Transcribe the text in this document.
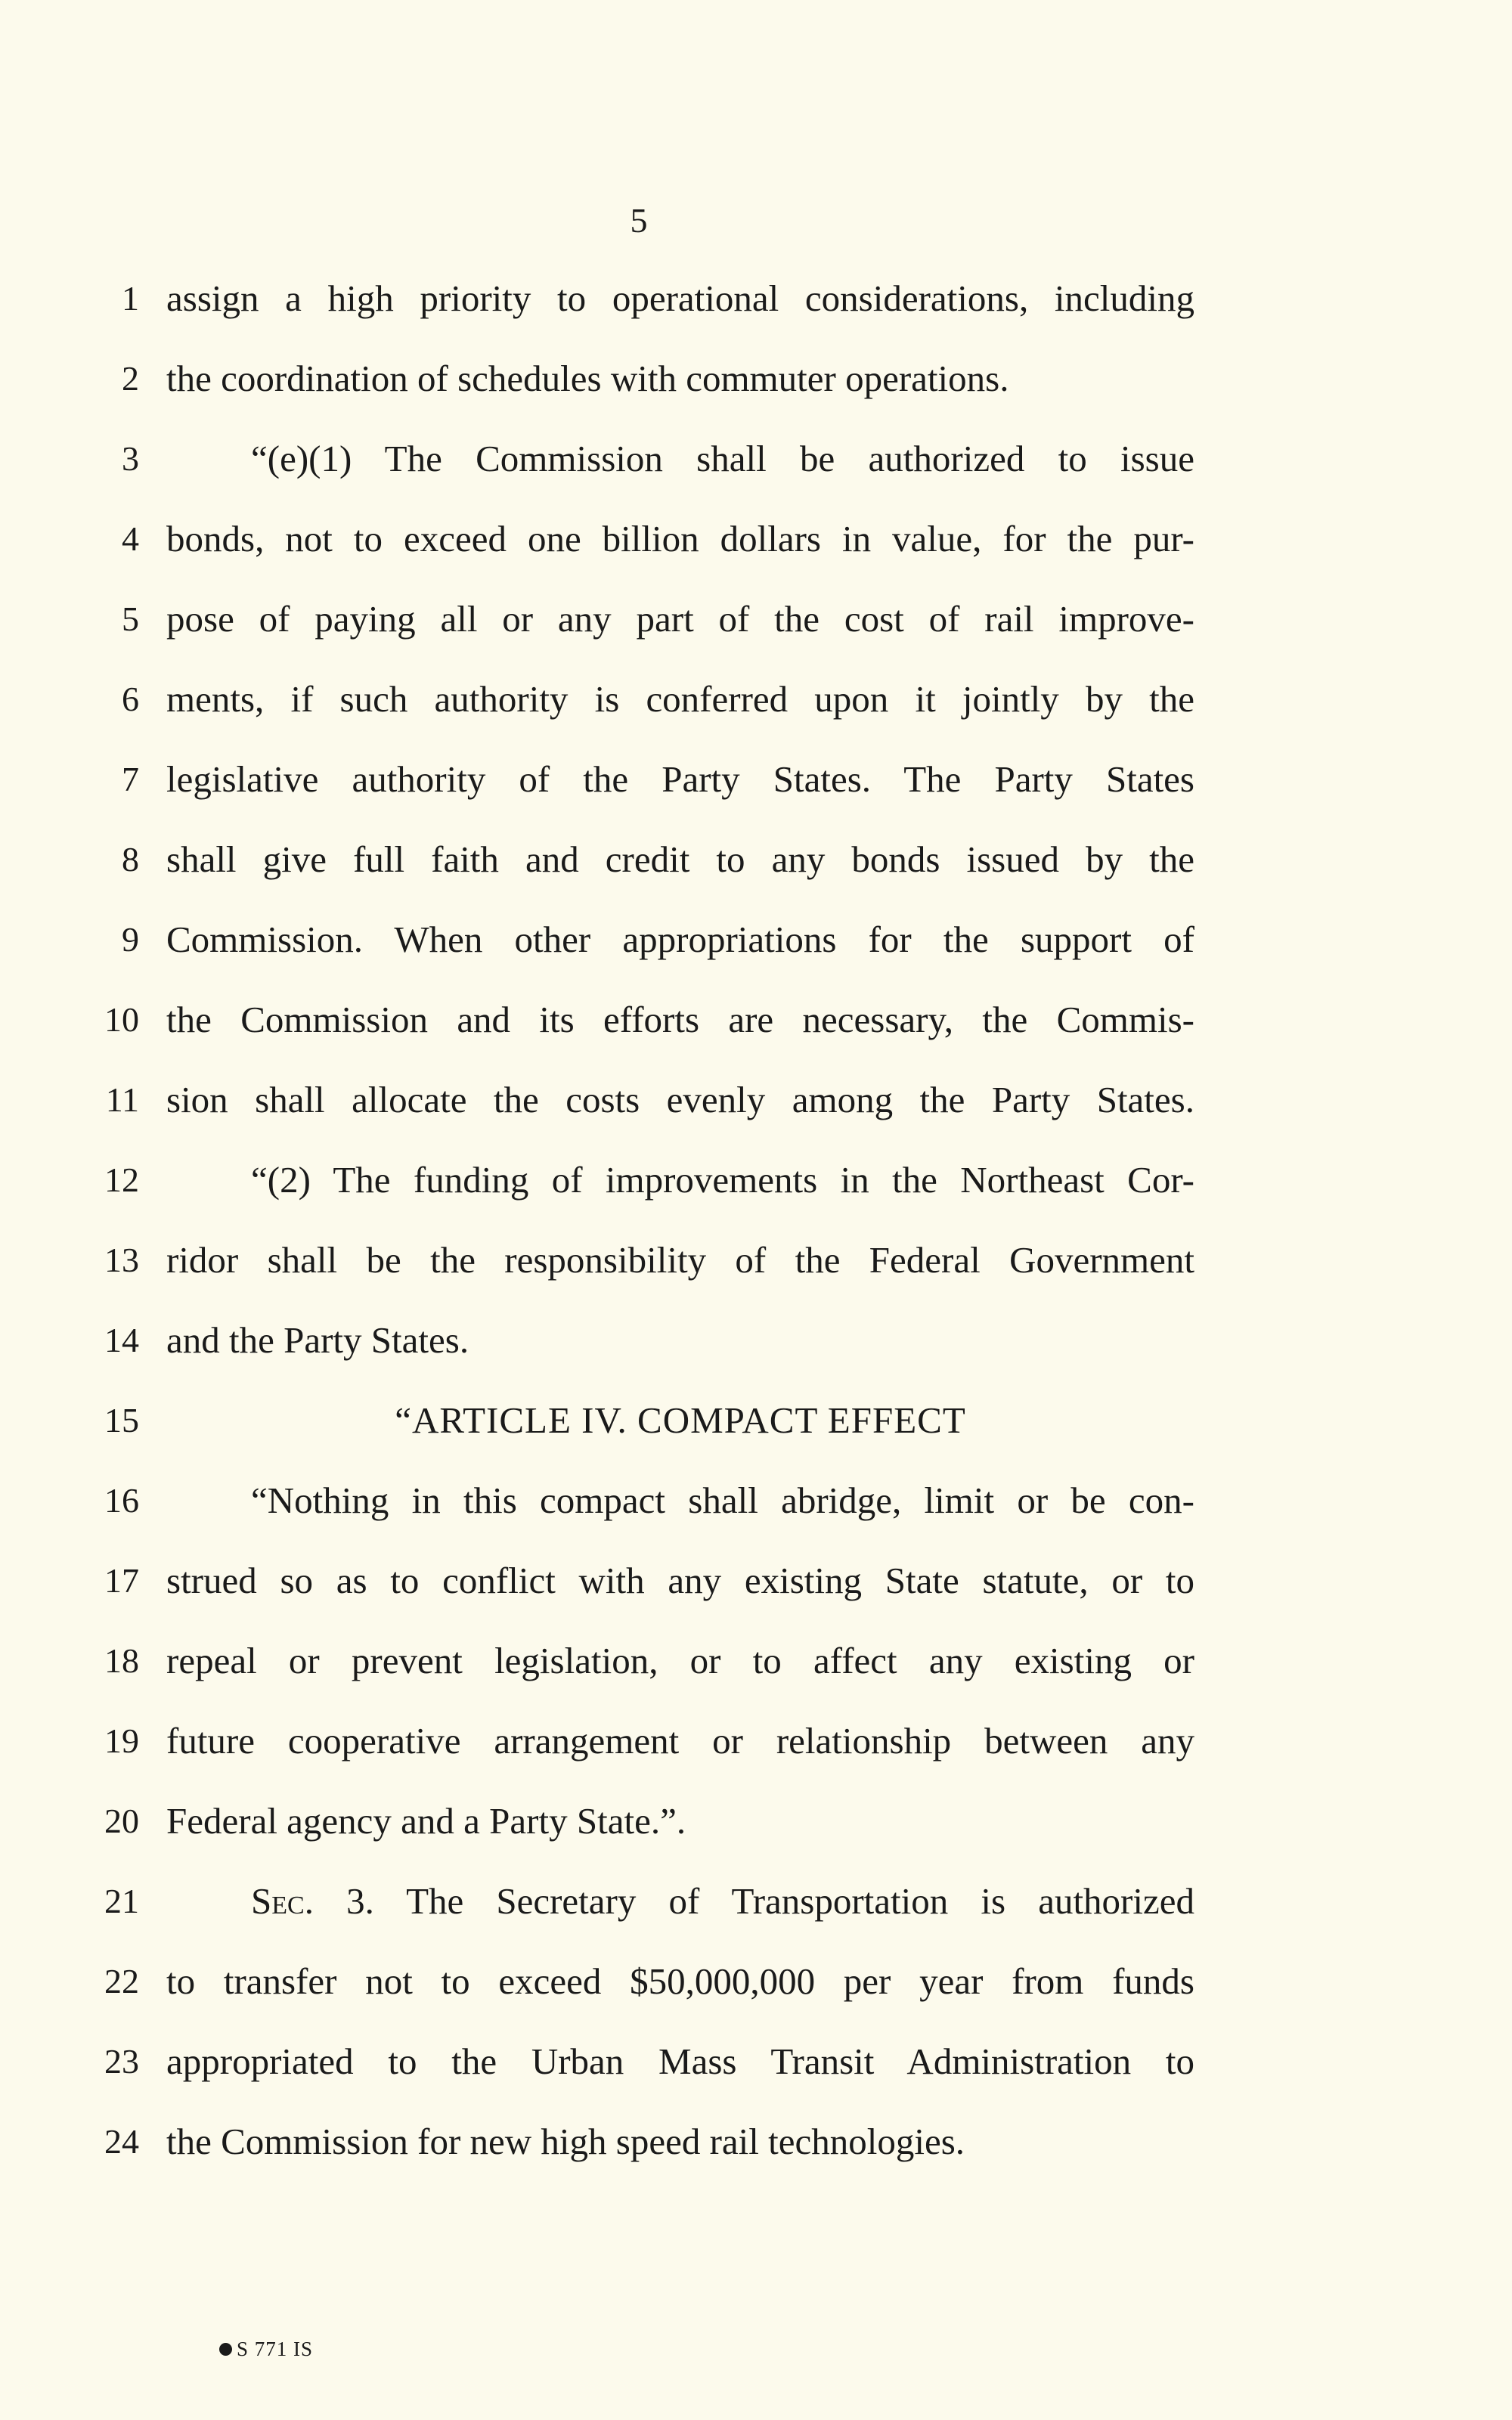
5
1 assign a high priority to operational considerations, including
2 the coordination of schedules with commuter operations.
3	“(e)(1) The Commission shall be authorized to issue
4 bonds, not to exceed one billion dollars in value, for the pur-
5 pose of paying all or any part of the cost of rail improve-
6 ments, if such authority is conferred upon it jointly by the
7 legislative authority of the Party States. The Party States
8 shall give full faith and credit to any bonds issued by the
9 Commission. When other appropriations for the support of
10 the Commission and its efforts are necessary, the Commis-
11 sion shall allocate the costs evenly among the Party States.
12	“(2) The funding of improvements in the Northeast Cor-
13 ridor shall be the responsibility of the Federal Government
14 and the Party States.
15	“ARTICLE IV. COMPACT EFFECT
16	“Nothing in this compact shall abridge, limit or be con-
17 strued so as to conflict with any existing State statute, or to
18 repeal or prevent legislation, or to affect any existing or
19 future cooperative arrangement or relationship between any
20 Federal agency and a Party State.”.
21	Sec. 3. The Secretary of Transportation is authorized
22 to transfer not to exceed $50,000,000 per year from funds
23 appropriated to the Urban Mass Transit Administration to
24 the Commission for new high speed rail technologies.
S 771 IS
